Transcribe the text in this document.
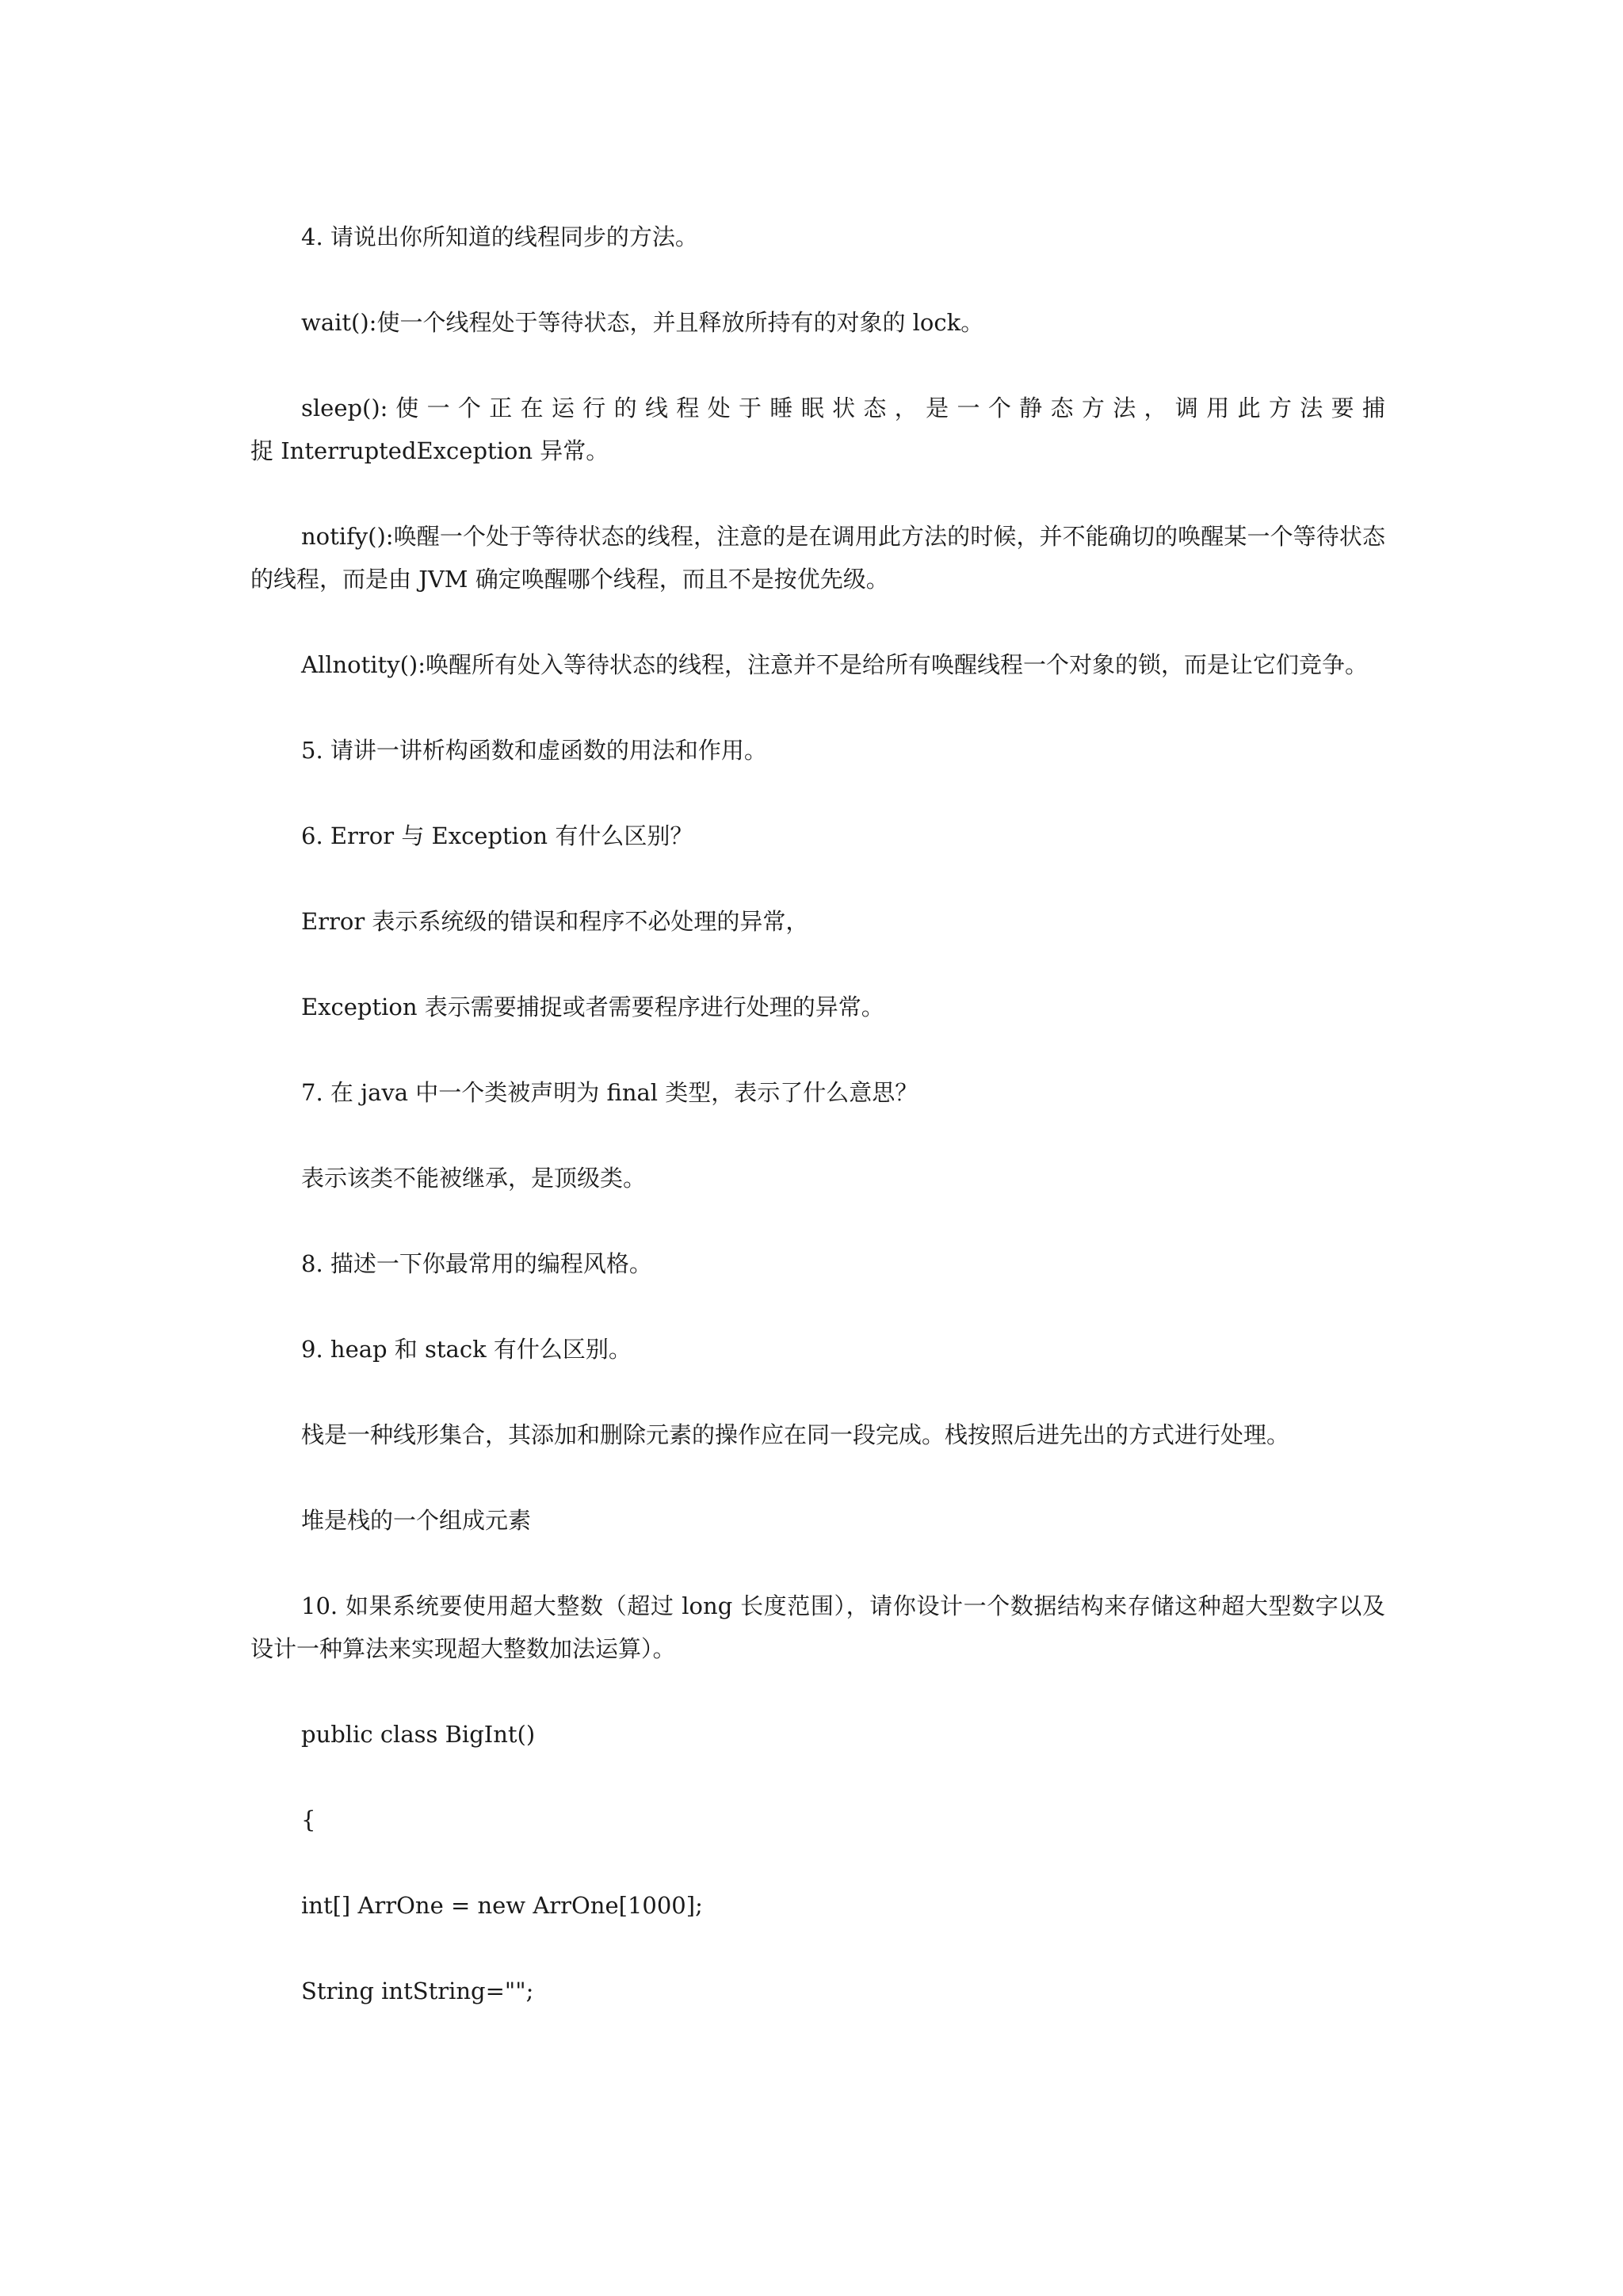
4. 请说出你所知道的线程同步的方法。

wait():使一个线程处于等待状态，并且释放所持有的对象的 lock。

sleep(): 使 一 个 正 在 运 行 的 线 程 处 于 睡 眠 状 态 ， 是 一 个 静 态 方 法 ， 调 用 此 方 法 要 捕 捉 InterruptedException 异常。

notify():唤醒一个处于等待状态的线程，注意的是在调用此方法的时候，并不能确切的唤醒某一个等待状态的线程，而是由 JVM 确定唤醒哪个线程，而且不是按优先级。

Allnotity():唤醒所有处入等待状态的线程，注意并不是给所有唤醒线程一个对象的锁，而是让它们竞争。

5. 请讲一讲析构函数和虚函数的用法和作用。

6. Error 与 Exception 有什么区别？

Error 表示系统级的错误和程序不必处理的异常，

Exception 表示需要捕捉或者需要程序进行处理的异常。

7. 在 java 中一个类被声明为 final 类型，表示了什么意思？

表示该类不能被继承，是顶级类。

8. 描述一下你最常用的编程风格。

9. heap 和 stack 有什么区别。

栈是一种线形集合，其添加和删除元素的操作应在同一段完成。栈按照后进先出的方式进行处理。

堆是栈的一个组成元素

10. 如果系统要使用超大整数（超过 long 长度范围），请你设计一个数据结构来存储这种超大型数字以及设计一种算法来实现超大整数加法运算）。

public class BigInt()

{

int[] ArrOne = new ArrOne[1000];

String intString="";
